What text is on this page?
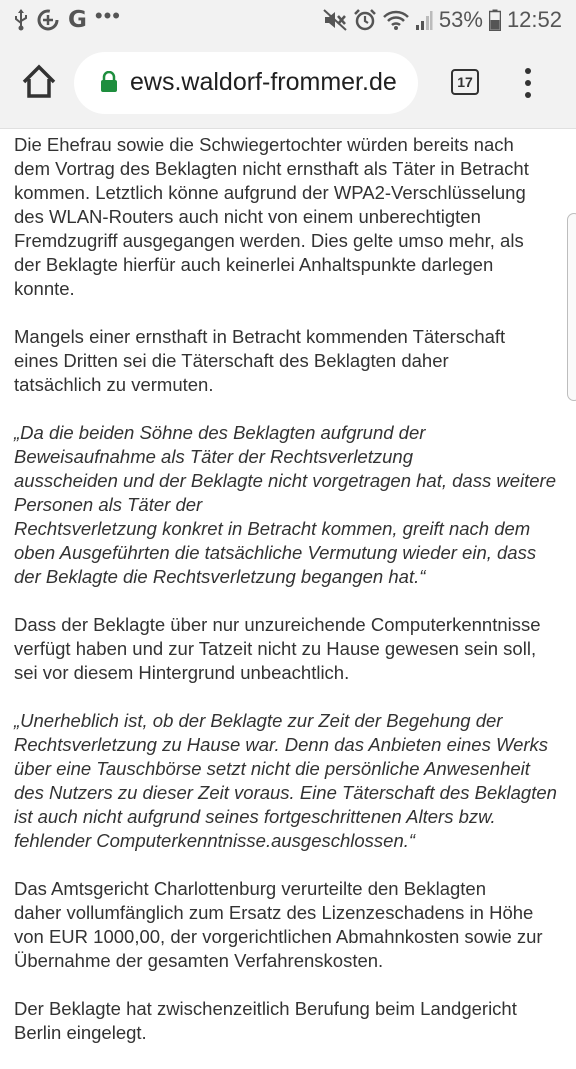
G •••	53% 12:52
ews.waldorf-frommer.de	17

Die Ehefrau sowie die Schwiegertochter würden bereits nach
dem Vortrag des Beklagten nicht ernsthaft als Täter in Betracht
kommen. Letztlich könne aufgrund der WPA2-Verschlüsselung
des WLAN-Routers auch nicht von einem unberechtigten
Fremdzugriff ausgegangen werden. Dies gelte umso mehr, als
der Beklagte hierfür auch keinerlei Anhaltspunkte darlegen
konnte.

Mangels einer ernsthaft in Betracht kommenden Täterschaft
eines Dritten sei die Täterschaft des Beklagten daher
tatsächlich zu vermuten.

„Da die beiden Söhne des Beklagten aufgrund der
Beweisaufnahme als Täter der Rechtsverletzung
ausscheiden und der Beklagte nicht vorgetragen hat, dass weitere
Personen als Täter der
Rechtsverletzung konkret in Betracht kommen, greift nach dem
oben Ausgeführten die tatsächliche Vermutung wieder ein, dass
der Beklagte die Rechtsverletzung begangen hat.“

Dass der Beklagte über nur unzureichende Computerkenntnisse
verfügt haben und zur Tatzeit nicht zu Hause gewesen sein soll,
sei vor diesem Hintergrund unbeachtlich.

„Unerheblich ist, ob der Beklagte zur Zeit der Begehung der
Rechtsverletzung zu Hause war. Denn das Anbieten eines Werks
über eine Tauschbörse setzt nicht die persönliche Anwesenheit
des Nutzers zu dieser Zeit voraus. Eine Täterschaft des Beklagten
ist auch nicht aufgrund seines fortgeschrittenen Alters bzw.
fehlender Computerkenntnisse.ausgeschlossen.“

Das Amtsgericht Charlottenburg verurteilte den Beklagten
daher vollumfänglich zum Ersatz des Lizenzeschadens in Höhe
von EUR 1000,00, der vorgerichtlichen Abmahnkosten sowie zur
Übernahme der gesamten Verfahrenskosten.

Der Beklagte hat zwischenzeitlich Berufung beim Landgericht
Berlin eingelegt.
